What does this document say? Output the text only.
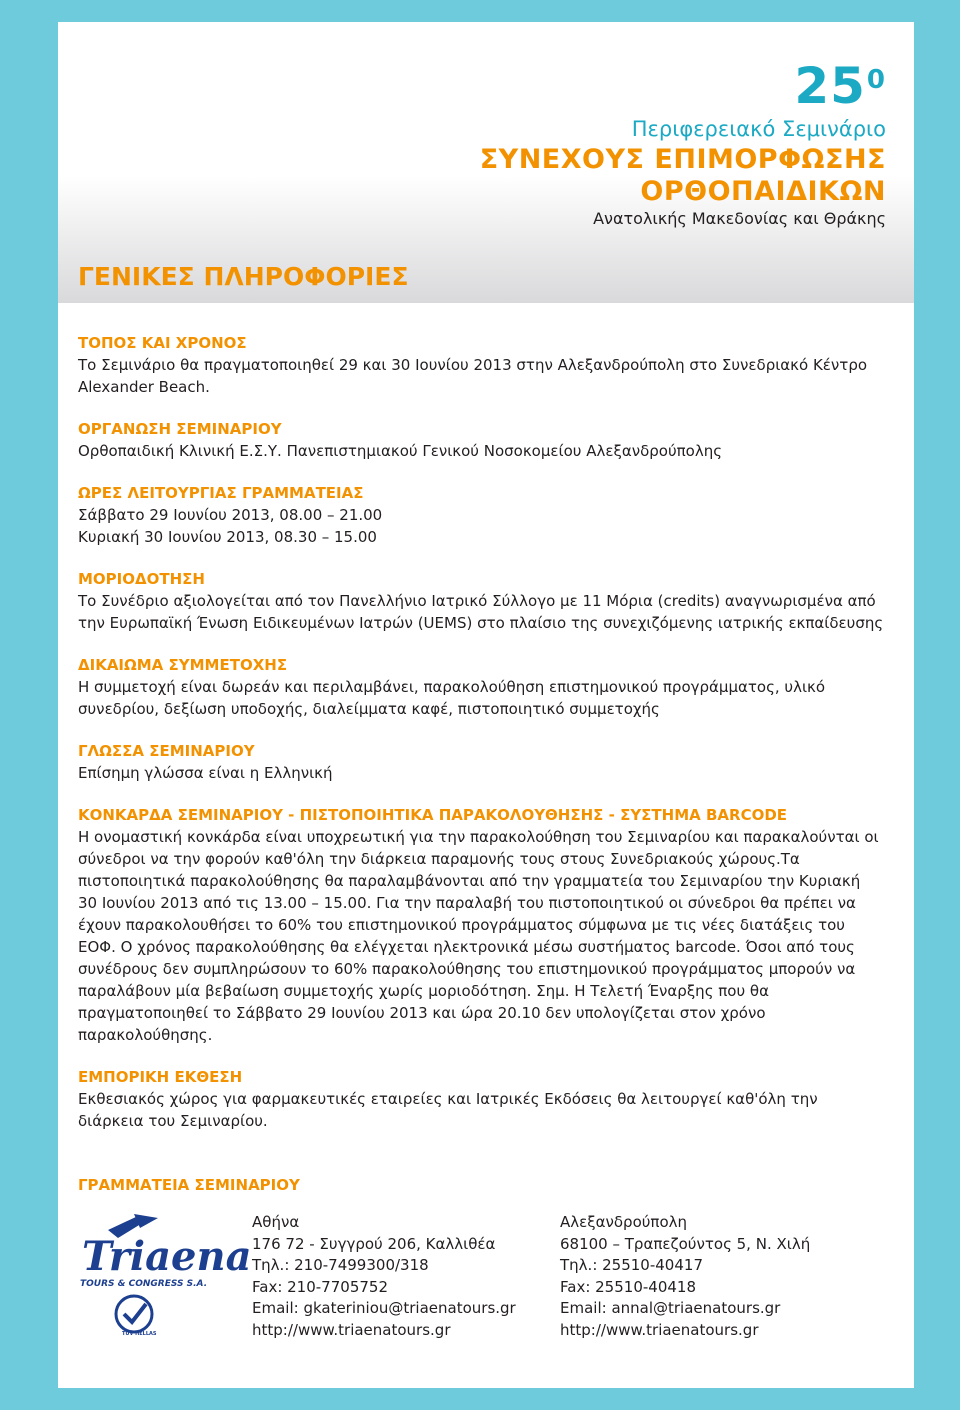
$25^0$
Περιφερειακό Σεμινάριο
ΣΥΝΕΧΟΥΣ ΕΠΙΜΟΡΦΩΣΗΣ
ΟΡΘΟΠΑΙΔΙΚΩΝ
Ανατολικής Μακεδονίας και Θράκης
ΓΕΝΙΚΕΣ ΠΛΗΡΟΦΟΡΙΕΣ
ΤΟΠΟΣ ΚΑΙ ΧΡΟΝΟΣ

Το Σεμινάριο θα πραγματοποιηθεί 29 και 30 Ιουνίου 2013 στην Αλεξανδρούπολη στο Συνεδριακό Κέντρο Alexander Beach.

ΟΡΓΑΝΩΣΗ ΣΕΜΙΝΑΡΙΟΥ

Ορθοπαιδική Κλινική Ε.Σ.Υ. Πανεπιστημιακού Γενικού Νοσοκομείου Αλεξανδρούπολης

ΩΡΕΣ ΛΕΙΤΟΥΡΓΙΑΣ ΓΡΑΜΜΑΤΕΙΑΣ

Σάββατο 29 Ιουνίου 2013, 08.00 – 21.00

Κυριακή 30 Ιουνίου 2013, 08.30 – 15.00

ΜΟΡΙΟΔΟΤΗΣΗ

Το Συνέδριο αξιολογείται από τον Πανελλήνιο Ιατρικό Σύλλογο με 11 Μόρια (credits) αναγνωρισμένα από την Ευρωπαϊκή Ένωση Ειδικευμένων Ιατρών (UEMS) στο πλαίσιο της συνεχιζόμενης ιατρικής εκπαίδευσης

ΔΙΚΑΙΩΜΑ ΣΥΜΜΕΤΟΧΗΣ

Η συμμετοχή είναι δωρεάν και περιλαμβάνει, παρακολούθηση επιστημονικού προγράμματος, υλικό συνεδρίου, δεξίωση υποδοχής, διαλείμματα καφέ, πιστοποιητικό συμμετοχής

ΓΛΩΣΣΑ ΣΕΜΙΝΑΡΙΟΥ

Επίσημη γλώσσα είναι η Ελληνική

ΚΟΝΚΑΡΔΑ ΣΕΜΙΝΑΡΙΟΥ - ΠΙΣΤΟΠΟΙΗΤΙΚΑ ΠΑΡΑΚΟΛΟΥΘΗΣΗΣ - ΣΥΣΤΗΜΑ BARCODE

Η ονομαστική κονκάρδα είναι υποχρεωτική για την παρακολούθηση του Σεμιναρίου και παρακαλούνται οι σύνεδροι να την φορούν καθ'όλη την διάρκεια παραμονής τους στους Συνεδριακούς χώρους.Τα πιστοποιητικά παρακολούθησης θα παραλαμβάνονται από την γραμματεία του Σεμιναρίου την Κυριακή 30 Ιουνίου 2013 από τις 13.00 – 15.00. Για την παραλαβή του πιστοποιητικού οι σύνεδροι θα πρέπει να έχουν παρακολουθήσει το 60% του επιστημονικού προγράμματος σύμφωνα με τις νέες διατάξεις του ΕΟΦ. Ο χρόνος παρακολούθησης θα ελέγχεται ηλεκτρονικά μέσω συστήματος barcode. Όσοι από τους συνέδρους δεν συμπληρώσουν το 60% παρακολούθησης του επιστημονικού προγράμματος μπορούν να παραλάβουν μία βεβαίωση συμμετοχής χωρίς μοριοδότηση. Σημ. Η Τελετή Έναρξης που θα πραγματοποιηθεί το Σάββατο 29 Ιουνίου 2013 και ώρα 20.10 δεν υπολογίζεται στον χρόνο παρακολούθησης.

ΕΜΠΟΡΙΚΗ ΕΚΘΕΣΗ

Εκθεσιακός χώρος για φαρμακευτικές εταιρείες και Ιατρικές Εκδόσεις θα λειτουργεί καθ'όλη την διάρκεια του Σεμιναρίου.

ΓΡΑΜΜΑΤΕΙΑ ΣΕΜΙΝΑΡΙΟΥ
Triaena
TOURS & CONGRESS S.A.
TÜV HELLAS
Αθήνα
176 72 - Συγγρού 206, Καλλιθέα
Τηλ.: 210-7499300/318
Fax: 210-7705752
Email: gkateriniou@triaenatours.gr
http://www.triaenatours.gr
Αλεξανδρούπολη
68100 – Τραπεζούντος 5, Ν. Χιλή
Τηλ.: 25510-40417
Fax: 25510-40418
Email: annal@triaenatours.gr
http://www.triaenatours.gr
